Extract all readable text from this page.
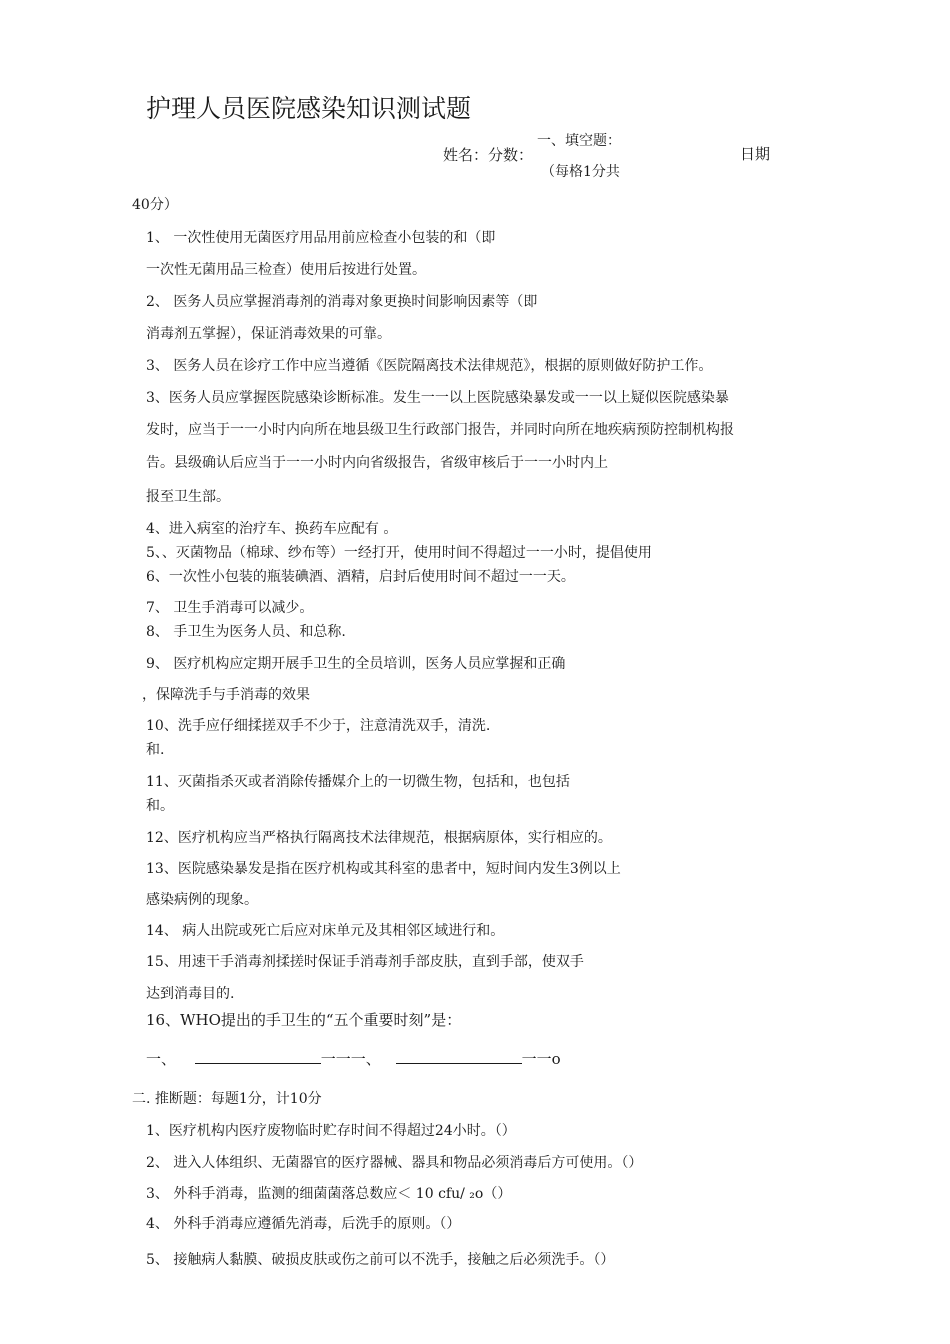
护理人员医院感染知识测试题
一、填空题：
姓名：分数：	日期
（每格1分共
40分）
1、 一次性使用无菌医疗用品用前应检查小包装的和（即
一次性无菌用品三检查）使用后按进行处置。
2、 医务人员应掌握消毒剂的消毒对象更换时间影响因素等（即
消毒剂五掌握），保证消毒效果的可靠。
3、 医务人员在诊疗工作中应当遵循《医院隔离技术法律规范》，根据的原则做好防护工作。
3、医务人员应掌握医院感染诊断标准。发生一一以上医院感染暴发或一一以上疑似医院感染暴
发时，应当于一一小时内向所在地县级卫生行政部门报告，并同时向所在地疾病预防控制机构报
告。县级确认后应当于一一小时内向省级报告，省级审核后于一一小时内上
报至卫生部。
4、进入病室的治疗车、换药车应配有 。
5、、灭菌物品（棉球、纱布等）一经打开，使用时间不得超过一一小时，提倡使用
6、一次性小包装的瓶装碘酒、酒精，启封后使用时间不超过一一天。
7、 卫生手消毒可以减少。
8、 手卫生为医务人员、和总称.
9、 医疗机构应定期开展手卫生的全员培训，医务人员应掌握和正确
，保障洗手与手消毒的效果
10、洗手应仔细揉搓双手不少于，注意清洗双手，清洗.
和.
11、灭菌指杀灭或者消除传播媒介上的一切微生物，包括和，也包括
和。
12、医疗机构应当严格执行隔离技术法律规范，根据病原体，实行相应的。
13、医院感染暴发是指在医疗机构或其科室的患者中，短时间内发生3例以上
感染病例的现象。
14、 病人出院或死亡后应对床单元及其相邻区域进行和。
15、用速干手消毒剂揉搓时保证手消毒剂手部皮肤，直到手部，使双手
达到消毒目的.
16、WHO提出的手卫生的“五个重要时刻”是：
一、	一一一、	一一o
二. 推断题：每题1分，计10分
1、医疗机构内医疗废物临时贮存时间不得超过24小时。（）
2、 进入人体组织、无菌器官的医疗器械、器具和物品必须消毒后方可使用。（）
3、 外科手消毒，监测的细菌菌落总数应＜ 10 cfu/ ₂o（）
4、 外科手消毒应遵循先消毒，后洗手的原则。（）
5、 接触病人黏膜、破损皮肤或伤之前可以不洗手，接触之后必须洗手。（）
